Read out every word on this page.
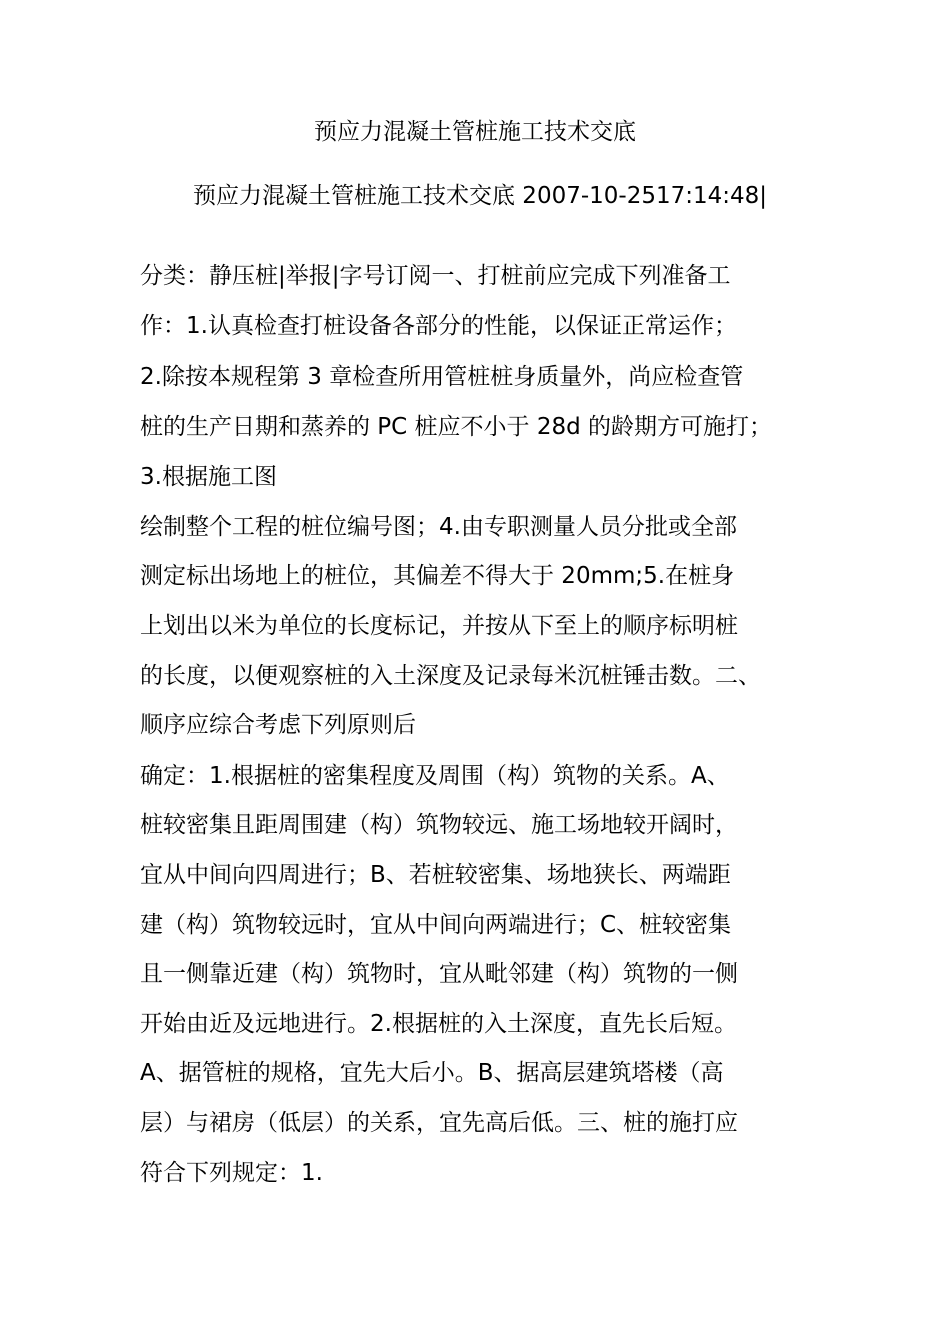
预应力混凝土管桩施工技术交底
预应力混凝土管桩施工技术交底 2007-10-2517:14:48|
分类：静压桩|举报|字号订阅一、打桩前应完成下列准备工
作：1.认真检查打桩设备各部分的性能，以保证正常运作；
2.除按本规程第 3 章检查所用管桩桩身质量外，尚应检查管
桩的生产日期和蒸养的 PC 桩应不小于 28d 的龄期方可施打；
3.根据施工图
绘制整个工程的桩位编号图；4.由专职测量人员分批或全部
测定标出场地上的桩位，其偏差不得大于 20mm;5.在桩身
上划出以米为单位的长度标记，并按从下至上的顺序标明桩
的长度，以便观察桩的入土深度及记录每米沉桩锤击数。二、
顺序应综合考虑下列原则后
确定：1.根据桩的密集程度及周围（构）筑物的关系。A、
桩较密集且距周围建（构）筑物较远、施工场地较开阔时，
宜从中间向四周进行；B、若桩较密集、场地狭长、两端距
建（构）筑物较远时，宜从中间向两端进行；C、桩较密集
且一侧靠近建（构）筑物时，宜从毗邻建（构）筑物的一侧
开始由近及远地进行。2.根据桩的入土深度，直先长后短。
A、据管桩的规格，宜先大后小。B、据高层建筑塔楼（高
层）与裙房（低层）的关系，宜先高后低。三、桩的施打应
符合下列规定：1.
